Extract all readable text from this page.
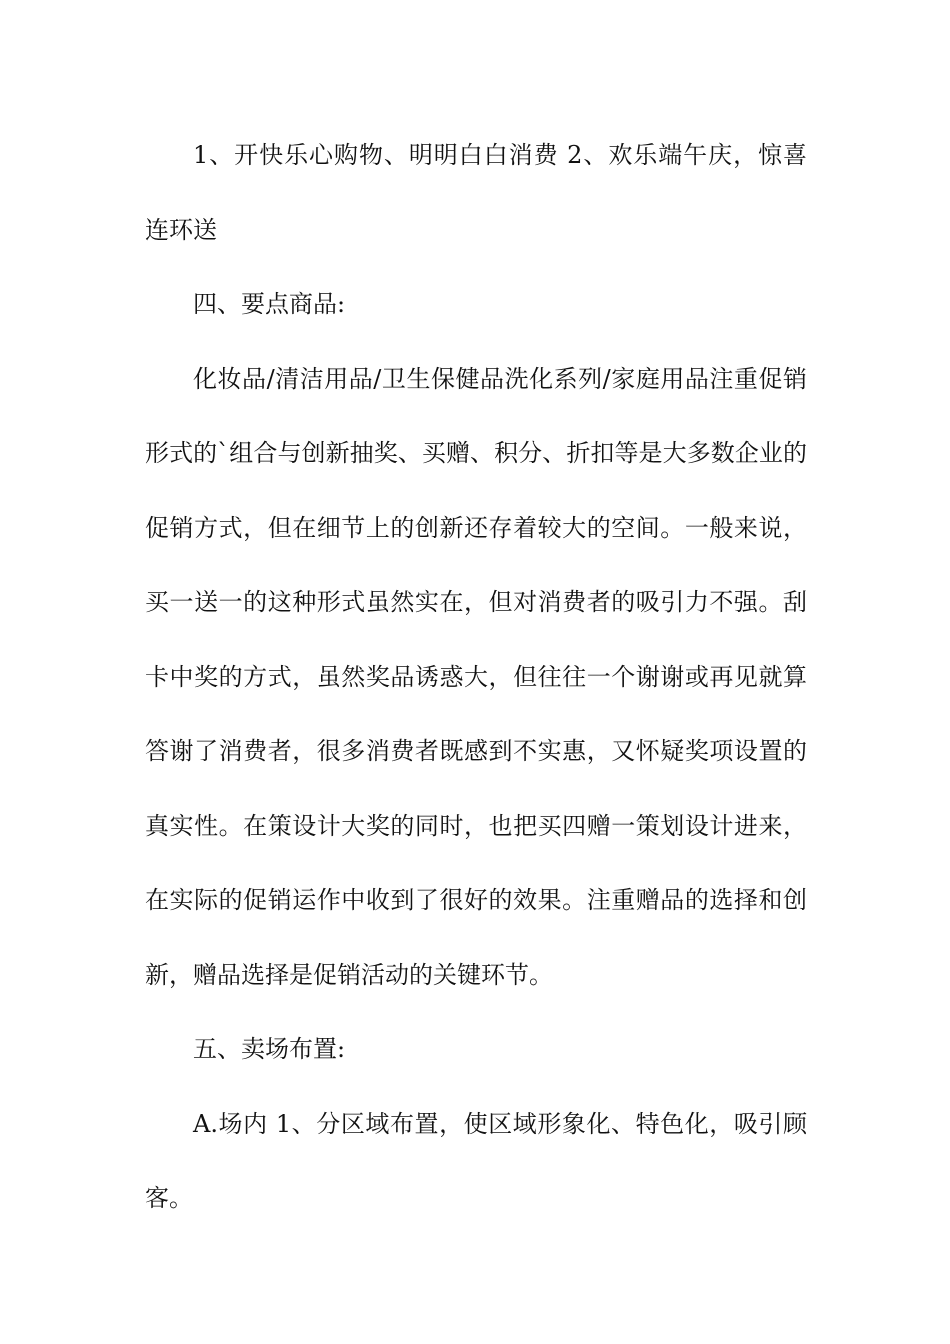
1、开快乐心购物、明明白白消费 2、欢乐端午庆，惊喜连环送

四、要点商品:

化妆品/清洁用品/卫生保健品洗化系列/家庭用品注重促销形式的`组合与创新抽奖、买赠、积分、折扣等是大多数企业的促销方式，但在细节上的创新还存着较大的空间。一般来说，买一送一的这种形式虽然实在，但对消费者的吸引力不强。刮卡中奖的方式，虽然奖品诱惑大，但往往一个谢谢或再见就算答谢了消费者，很多消费者既感到不实惠，又怀疑奖项设置的真实性。在策设计大奖的同时，也把买四赠一策划设计进来，在实际的促销运作中收到了很好的效果。注重赠品的选择和创新，赠品选择是促销活动的关键环节。

五、卖场布置:

A.场内 1、分区域布置，使区域形象化、特色化，吸引顾客。
